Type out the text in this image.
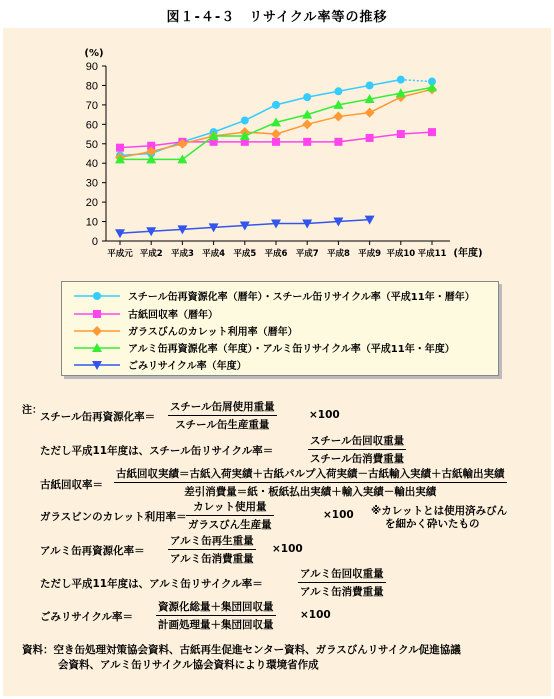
図１-４-３　リサイクル率等の推移
0
10
20
30
40
50
60
70
80
90
(%)
平成元 平成2 平成3 平成4 平成5 平成6 平成7 平成8 平成9 平成10 平成11 (年度)
スチール缶再資源化率（暦年）・スチール缶リサイクル率（平成11年・暦年）
古紙回収率（暦年）
ガラスびんのカレット利用率（暦年）
アルミ缶再資源化率（年度）・アルミ缶リサイクル率（平成11年・年度）
ごみリサイクル率（年度）
注：
スチール缶再資源化率＝
スチール缶屑使用重量
スチール缶生産重量
×100
ただし平成11年度は、スチール缶リサイクル率＝
スチール缶回収重量
スチール缶消費重量
古紙回収率＝
古紙回収実績＝古紙入荷実績＋古紙パルプ入荷実績－古紙輸入実績＋古紙輸出実績
差引消費量＝紙・板紙払出実績＋輸入実績－輸出実績
ガラスビンのカレット利用率＝
カレット使用量
ガラスびん生産量
×100 ※カレットとは使用済みびん
を細かく砕いたもの
アルミ缶再資源化率＝
アルミ缶再生重量
アルミ缶消費重量
×100
ただし平成11年度は、アルミ缶リサイクル率＝
アルミ缶回収重量
アルミ缶消費重量
ごみリサイクル率＝
資源化総量＋集団回収量
計画処理量＋集団回収量
×100
資料：空き缶処理対策協会資料、古紙再生促進センター資料、ガラスびんリサイクル促進協議
会資料、アルミ缶リサイクル協会資料により環境省作成
